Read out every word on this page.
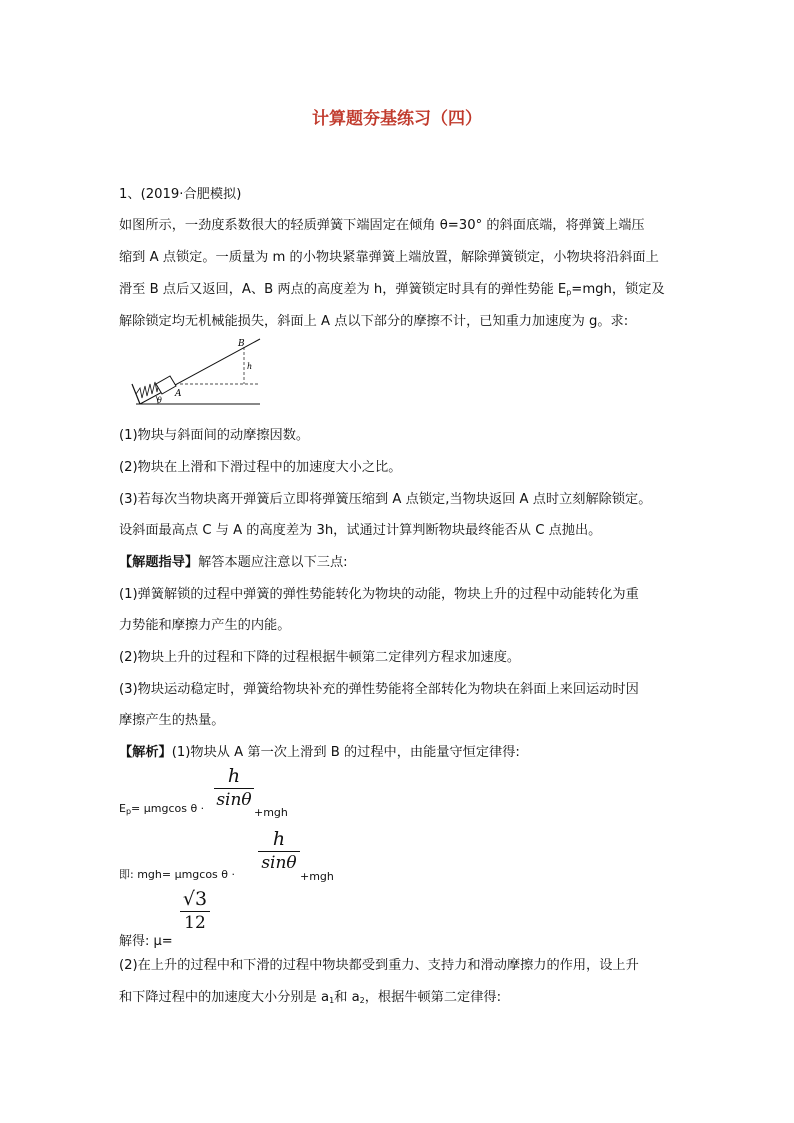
计算题夯基练习（四）
1、(2019·合肥模拟)
如图所示，一劲度系数很大的轻质弹簧下端固定在倾角 θ=30° 的斜面底端，将弹簧上端压
缩到 A 点锁定。一质量为 m 的小物块紧靠弹簧上端放置，解除弹簧锁定，小物块将沿斜面上
滑至 B 点后又返回，A、B 两点的高度差为 h，弹簧锁定时具有的弹性势能 $E_p=mgh$，锁定及
解除锁定均无机械能损失，斜面上 A 点以下部分的摩擦不计，已知重力加速度为 g。求:
A
B
h
θ
(1)物块与斜面间的动摩擦因数。
(2)物块在上滑和下滑过程中的加速度大小之比。
(3)若每次当物块离开弹簧后立即将弹簧压缩到 A 点锁定,当物块返回 A 点时立刻解除锁定。
设斜面最高点 C 与 A 的高度差为 3h，试通过计算判断物块最终能否从 C 点抛出。
【解题指导】解答本题应注意以下三点:
(1)弹簧解锁的过程中弹簧的弹性势能转化为物块的动能，物块上升的过程中动能转化为重
力势能和摩擦力产生的内能。
(2)物块上升的过程和下降的过程根据牛顿第二定律列方程求加速度。
(3)物块运动稳定时，弹簧给物块补充的弹性势能将全部转化为物块在斜面上来回运动时因
摩擦产生的热量。
【解析】(1)物块从 A 第一次上滑到 B 的过程中，由能量守恒定律得:
$E_p= \mu mgcos$ θ ·
h
sinθ
+mgh
即: mgh= μmgcos θ ·
h
sinθ
+mgh
解得: μ=
√3
12
(2)在上升的过程中和下滑的过程中物块都受到重力、支持力和滑动摩擦力的作用，设上升
和下降过程中的加速度大小分别是 $a_1$和 $a_2$，根据牛顿第二定律得:
